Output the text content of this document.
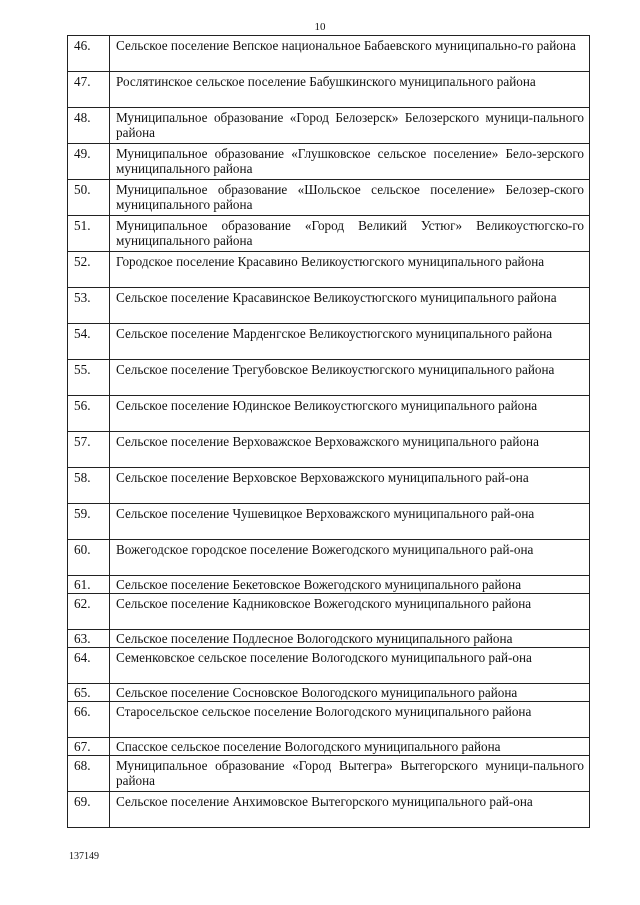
10
46.	Сельское поселение Вепское национальное Бабаевского муниципально-го района
47.	Рослятинское сельское поселение Бабушкинского муниципального района
48.	Муниципальное образование «Город Белозерск» Белозерского муници-пального района
49.	Муниципальное образование «Глушковское сельское поселение» Бело-зерского муниципального района
50.	Муниципальное образование «Шольское сельское поселение» Белозер-ского муниципального района
51.	Муниципальное образование «Город Великий Устюг» Великоустюгско-го муниципального района
52.	Городское поселение Красавино Великоустюгского муниципального района
53.	Сельское поселение Красавинское Великоустюгского муниципального района
54.	Сельское поселение Марденгское Великоустюгского муниципального района
55.	Сельское поселение Трегубовское Великоустюгского муниципального района
56.	Сельское поселение Юдинское Великоустюгского муниципального района
57.	Сельское поселение Верховажское Верховажского муниципального района
58.	Сельское поселение Верховское Верховажского муниципального рай-она
59.	Сельское поселение Чушевицкое Верховажского муниципального рай-она
60.	Вожегодское городское поселение Вожегодского муниципального рай-она
61.	Сельское поселение Бекетовское Вожегодского муниципального района
62.	Сельское поселение Кадниковское Вожегодского муниципального района
63.	Сельское поселение Подлесное Вологодского муниципального района
64.	Семенковское сельское поселение Вологодского муниципального рай-она
65.	Сельское поселение Сосновское Вологодского муниципального района
66.	Старосельское сельское поселение Вологодского муниципального района
67.	Спасское сельское поселение Вологодского муниципального района
68.	Муниципальное образование «Город Вытегра» Вытегорского муници-пального района
69.	Сельское поселение Анхимовское Вытегорского муниципального рай-она
137149
